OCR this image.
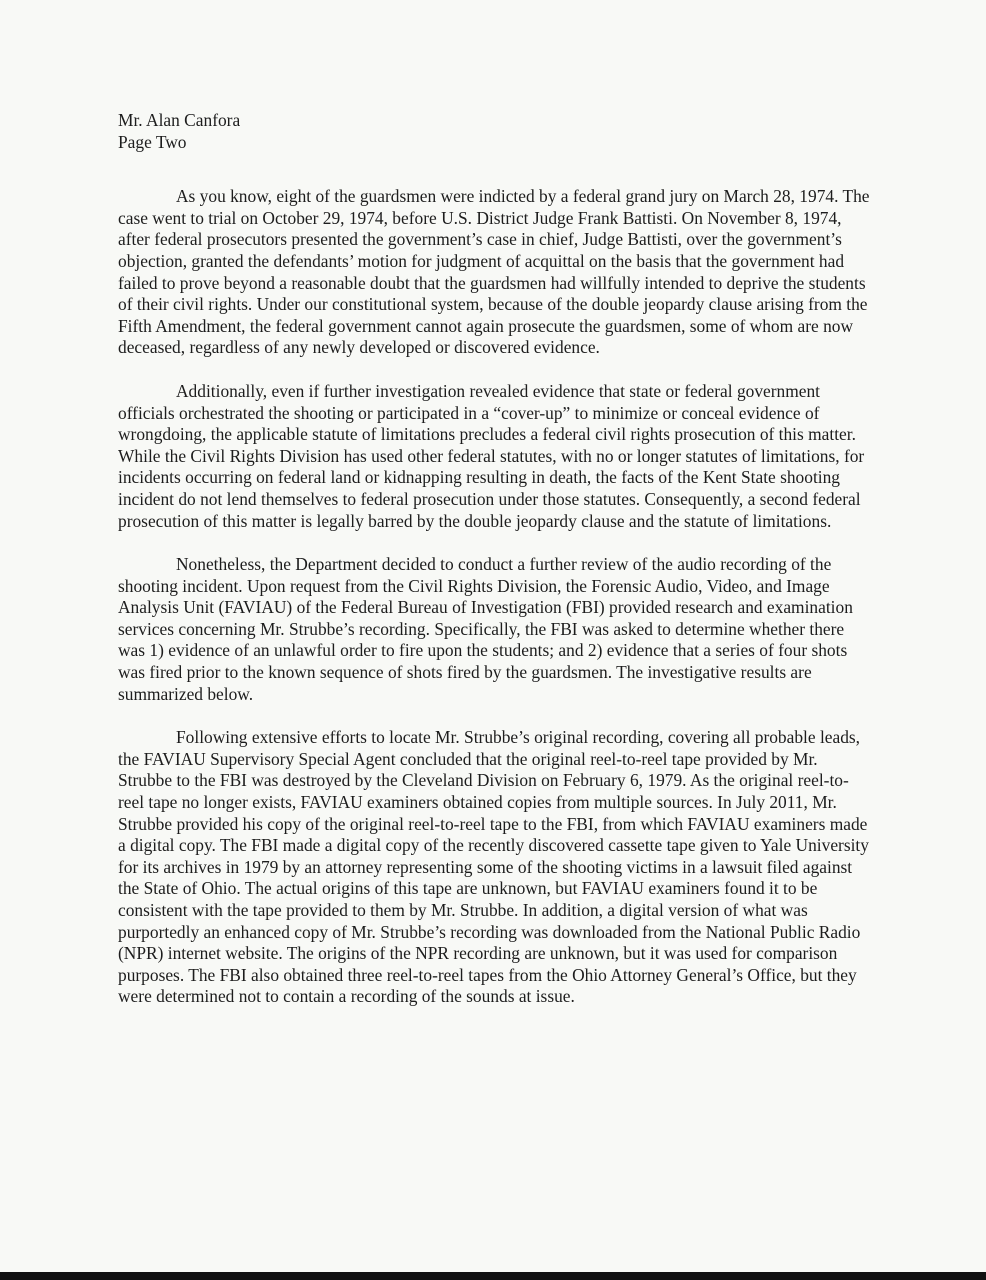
Mr. Alan Canfora

Page Two

As you know, eight of the guardsmen were indicted by a federal grand jury on March 28, 1974. The case went to trial on October 29, 1974, before U.S. District Judge Frank Battisti. On November 8, 1974, after federal prosecutors presented the government’s case in chief, Judge Battisti, over the government’s objection, granted the defendants’ motion for judgment of acquittal on the basis that the government had failed to prove beyond a reasonable doubt that the guardsmen had willfully intended to deprive the students of their civil rights. Under our constitutional system, because of the double jeopardy clause arising from the Fifth Amendment, the federal government cannot again prosecute the guardsmen, some of whom are now deceased, regardless of any newly developed or discovered evidence.

Additionally, even if further investigation revealed evidence that state or federal government officials orchestrated the shooting or participated in a “cover-up” to minimize or conceal evidence of wrongdoing, the applicable statute of limitations precludes a federal civil rights prosecution of this matter. While the Civil Rights Division has used other federal statutes, with no or longer statutes of limitations, for incidents occurring on federal land or kidnapping resulting in death, the facts of the Kent State shooting incident do not lend themselves to federal prosecution under those statutes. Consequently, a second federal prosecution of this matter is legally barred by the double jeopardy clause and the statute of limitations.

Nonetheless, the Department decided to conduct a further review of the audio recording of the shooting incident. Upon request from the Civil Rights Division, the Forensic Audio, Video, and Image Analysis Unit (FAVIAU) of the Federal Bureau of Investigation (FBI) provided research and examination services concerning Mr. Strubbe’s recording. Specifically, the FBI was asked to determine whether there was 1) evidence of an unlawful order to fire upon the students; and 2) evidence that a series of four shots was fired prior to the known sequence of shots fired by the guardsmen. The investigative results are summarized below.

Following extensive efforts to locate Mr. Strubbe’s original recording, covering all probable leads, the FAVIAU Supervisory Special Agent concluded that the original reel-to-reel tape provided by Mr. Strubbe to the FBI was destroyed by the Cleveland Division on February 6, 1979. As the original reel-to-reel tape no longer exists, FAVIAU examiners obtained copies from multiple sources. In July 2011, Mr. Strubbe provided his copy of the original reel-to-reel tape to the FBI, from which FAVIAU examiners made a digital copy. The FBI made a digital copy of the recently discovered cassette tape given to Yale University for its archives in 1979 by an attorney representing some of the shooting victims in a lawsuit filed against the State of Ohio. The actual origins of this tape are unknown, but FAVIAU examiners found it to be consistent with the tape provided to them by Mr. Strubbe. In addition, a digital version of what was purportedly an enhanced copy of Mr. Strubbe’s recording was downloaded from the National Public Radio (NPR) internet website. The origins of the NPR recording are unknown, but it was used for comparison purposes. The FBI also obtained three reel-to-reel tapes from the Ohio Attorney General’s Office, but they were determined not to contain a recording of the sounds at issue.
